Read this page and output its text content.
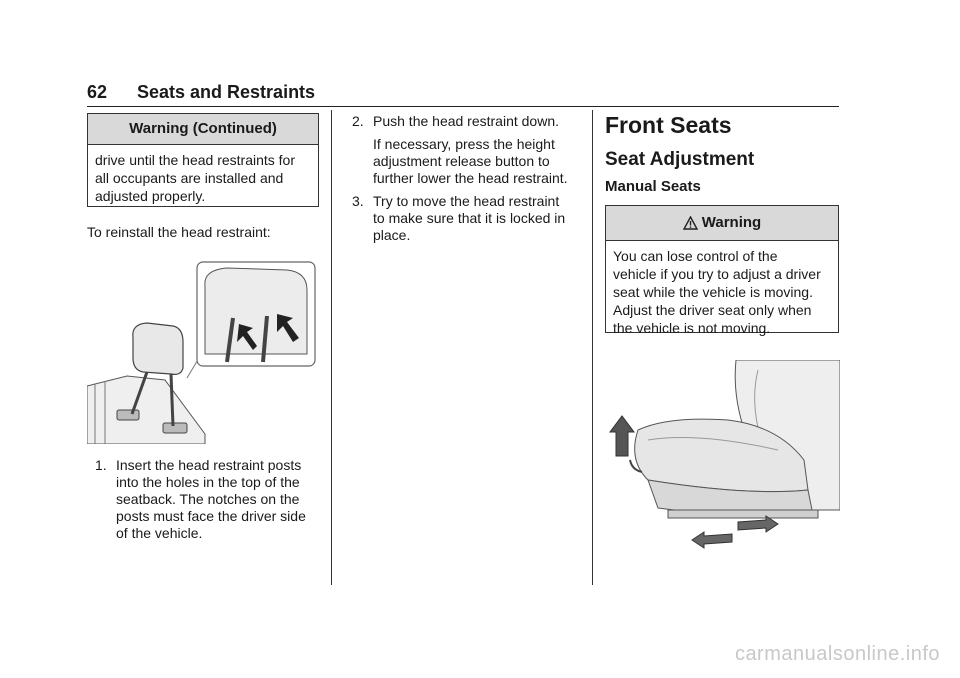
62 Seats and Restraints
Warning (Continued)
drive until the head restraints for all occupants are installed and adjusted properly.
To reinstall the head restraint:
1. Insert the head restraint posts
into the holes in the top of the
seatback. The notches on the
posts must face the driver side
of the vehicle.
2. Push the head restraint down.
If necessary, press the height
adjustment release button to
further lower the head restraint.
3. Try to move the head restraint
to make sure that it is locked in
place.
Front Seats
Seat Adjustment
Manual Seats
Warning
You can lose control of the
vehicle if you try to adjust a driver
seat while the vehicle is moving.
Adjust the driver seat only when
the vehicle is not moving.
carmanualsonline.info
